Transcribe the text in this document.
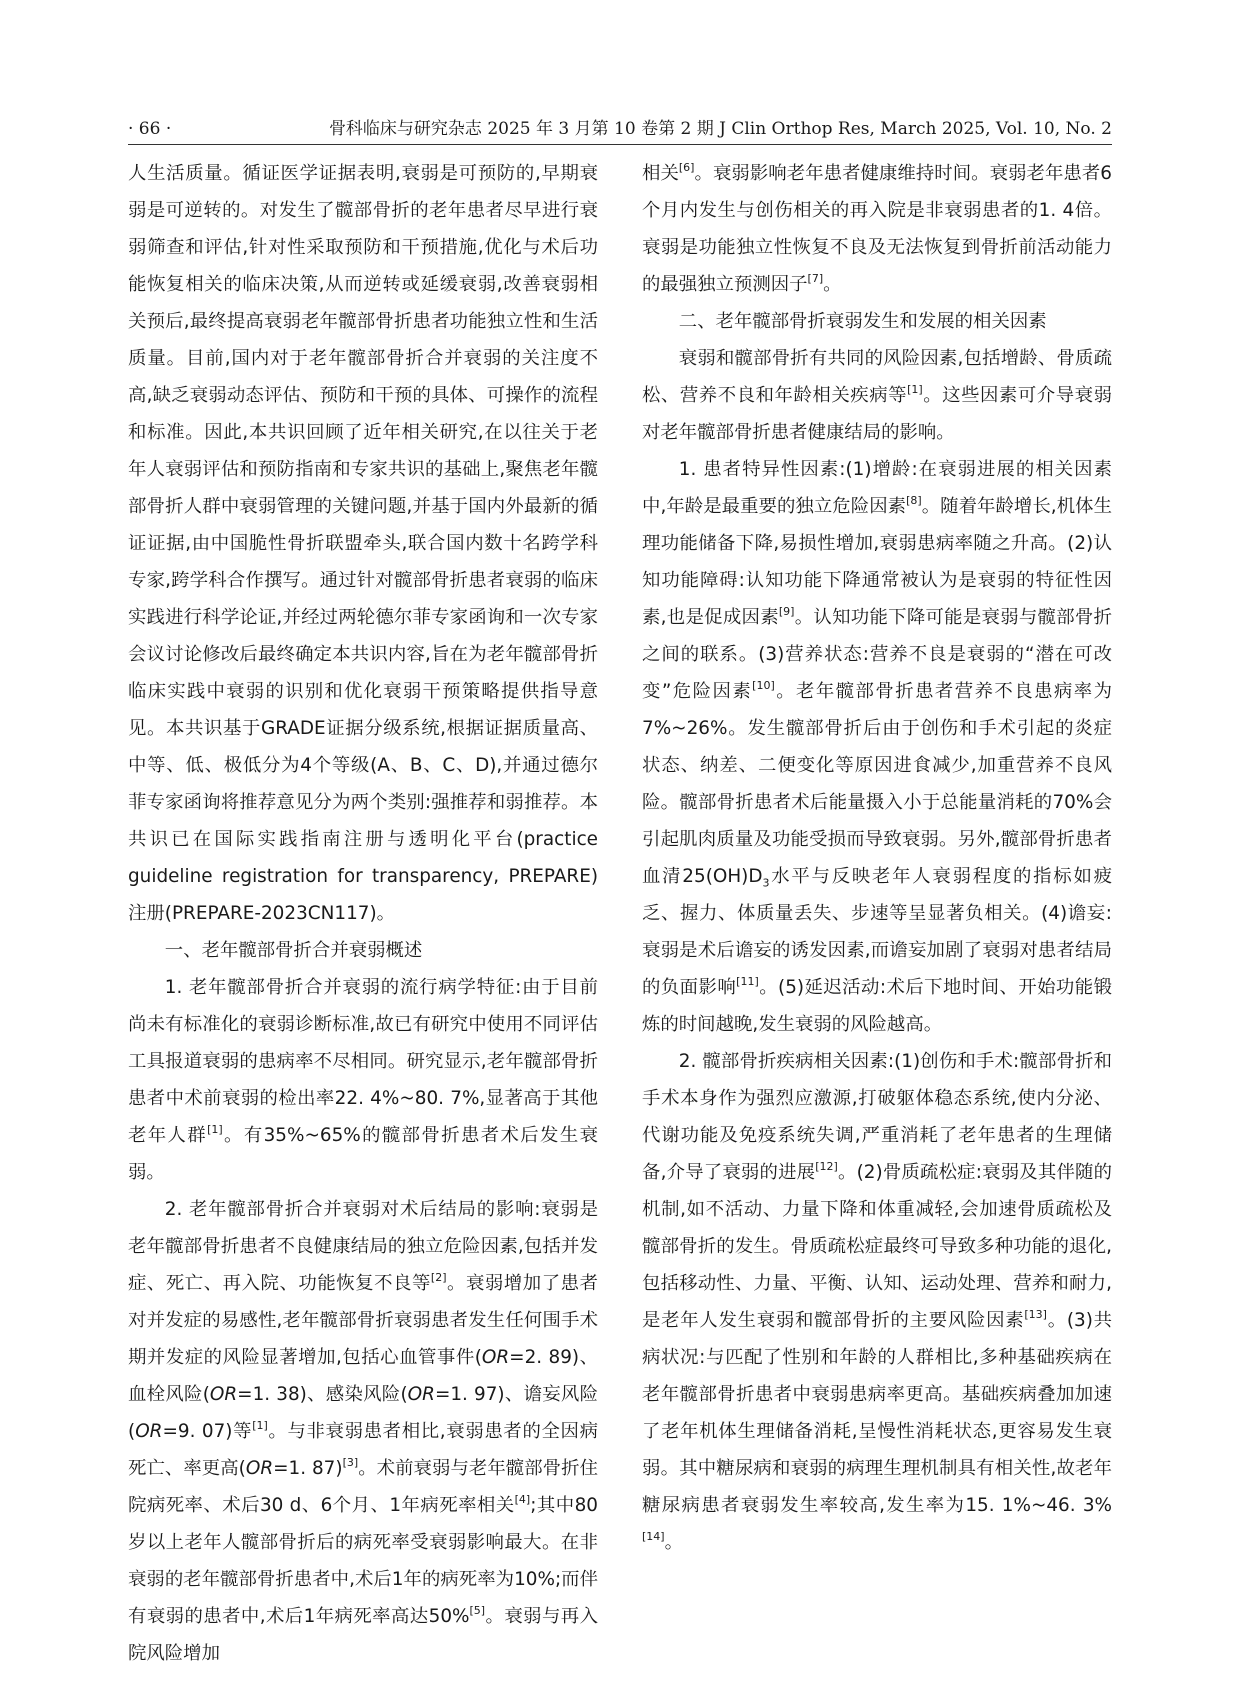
· 66 ·	骨科临床与研究杂志 2025 年 3 月第 10 卷第 2 期 J Clin Orthop Res, March 2025, Vol. 10, No. 2

人生活质量。循证医学证据表明,衰弱是可预防的,早期衰弱是可逆转的。对发生了髋部骨折的老年患者尽早进行衰弱筛查和评估,针对性采取预防和干预措施,优化与术后功能恢复相关的临床决策,从而逆转或延缓衰弱,改善衰弱相关预后,最终提高衰弱老年髋部骨折患者功能独立性和生活质量。目前,国内对于老年髋部骨折合并衰弱的关注度不高,缺乏衰弱动态评估、预防和干预的具体、可操作的流程和标准。因此,本共识回顾了近年相关研究,在以往关于老年人衰弱评估和预防指南和专家共识的基础上,聚焦老年髋部骨折人群中衰弱管理的关键问题,并基于国内外最新的循证证据,由中国脆性骨折联盟牵头,联合国内数十名跨学科专家,跨学科合作撰写。通过针对髋部骨折患者衰弱的临床实践进行科学论证,并经过两轮德尔菲专家函询和一次专家会议讨论修改后最终确定本共识内容,旨在为老年髋部骨折临床实践中衰弱的识别和优化衰弱干预策略提供指导意见。本共识基于GRADE证据分级系统,根据证据质量高、中等、低、极低分为4个等级(A、B、C、D),并通过德尔菲专家函询将推荐意见分为两个类别:强推荐和弱推荐。本共识已在国际实践指南注册与透明化平台(practice guideline registration for transparency, PREPARE)注册(PREPARE-2023CN117)。

一、老年髋部骨折合并衰弱概述

1. 老年髋部骨折合并衰弱的流行病学特征:由于目前尚未有标准化的衰弱诊断标准,故已有研究中使用不同评估工具报道衰弱的患病率不尽相同。研究显示,老年髋部骨折患者中术前衰弱的检出率22. 4%~80. 7%,显著高于其他老年人群[1]。有35%~65%的髋部骨折患者术后发生衰弱。

2. 老年髋部骨折合并衰弱对术后结局的影响:衰弱是老年髋部骨折患者不良健康结局的独立危险因素,包括并发症、死亡、再入院、功能恢复不良等[2]。衰弱增加了患者对并发症的易感性,老年髋部骨折衰弱患者发生任何围手术期并发症的风险显著增加,包括心血管事件(OR=2. 89)、血栓风险(OR=1. 38)、感染风险(OR=1. 97)、谵妄风险(OR=9. 07)等[1]。与非衰弱患者相比,衰弱患者的全因病死亡、率更高(OR=1. 87)[3]。术前衰弱与老年髋部骨折住院病死率、术后30 d、6个月、1年病死率相关[4];其中80岁以上老年人髋部骨折后的病死率受衰弱影响最大。在非衰弱的老年髋部骨折患者中,术后1年的病死率为10%;而伴有衰弱的患者中,术后1年病死率高达50%[5]。衰弱与再入院风险增加

相关[6]。衰弱影响老年患者健康维持时间。衰弱老年患者6个月内发生与创伤相关的再入院是非衰弱患者的1. 4倍。衰弱是功能独立性恢复不良及无法恢复到骨折前活动能力的最强独立预测因子[7]。

二、老年髋部骨折衰弱发生和发展的相关因素

衰弱和髋部骨折有共同的风险因素,包括增龄、骨质疏松、营养不良和年龄相关疾病等[1]。这些因素可介导衰弱对老年髋部骨折患者健康结局的影响。

1. 患者特异性因素:(1)增龄:在衰弱进展的相关因素中,年龄是最重要的独立危险因素[8]。随着年龄增长,机体生理功能储备下降,易损性增加,衰弱患病率随之升高。(2)认知功能障碍:认知功能下降通常被认为是衰弱的特征性因素,也是促成因素[9]。认知功能下降可能是衰弱与髋部骨折之间的联系。(3)营养状态:营养不良是衰弱的“潜在可改变”危险因素[10]。老年髋部骨折患者营养不良患病率为7%~26%。发生髋部骨折后由于创伤和手术引起的炎症状态、纳差、二便变化等原因进食减少,加重营养不良风险。髋部骨折患者术后能量摄入小于总能量消耗的70%会引起肌肉质量及功能受损而导致衰弱。另外,髋部骨折患者血清$25(OH)D_3$水平与反映老年人衰弱程度的指标如疲乏、握力、体质量丢失、步速等呈显著负相关。(4)谵妄:衰弱是术后谵妄的诱发因素,而谵妄加剧了衰弱对患者结局的负面影响[11]。(5)延迟活动:术后下地时间、开始功能锻炼的时间越晚,发生衰弱的风险越高。

2. 髋部骨折疾病相关因素:(1)创伤和手术:髋部骨折和手术本身作为强烈应激源,打破躯体稳态系统,使内分泌、代谢功能及免疫系统失调,严重消耗了老年患者的生理储备,介导了衰弱的进展[12]。(2)骨质疏松症:衰弱及其伴随的机制,如不活动、力量下降和体重减轻,会加速骨质疏松及髋部骨折的发生。骨质疏松症最终可导致多种功能的退化,包括移动性、力量、平衡、认知、运动处理、营养和耐力,是老年人发生衰弱和髋部骨折的主要风险因素[13]。(3)共病状况:与匹配了性别和年龄的人群相比,多种基础疾病在老年髋部骨折患者中衰弱患病率更高。基础疾病叠加加速了老年机体生理储备消耗,呈慢性消耗状态,更容易发生衰弱。其中糖尿病和衰弱的病理生理机制具有相关性,故老年糖尿病患者衰弱发生率较高,发生率为15. 1%~46. 3%[14]。
